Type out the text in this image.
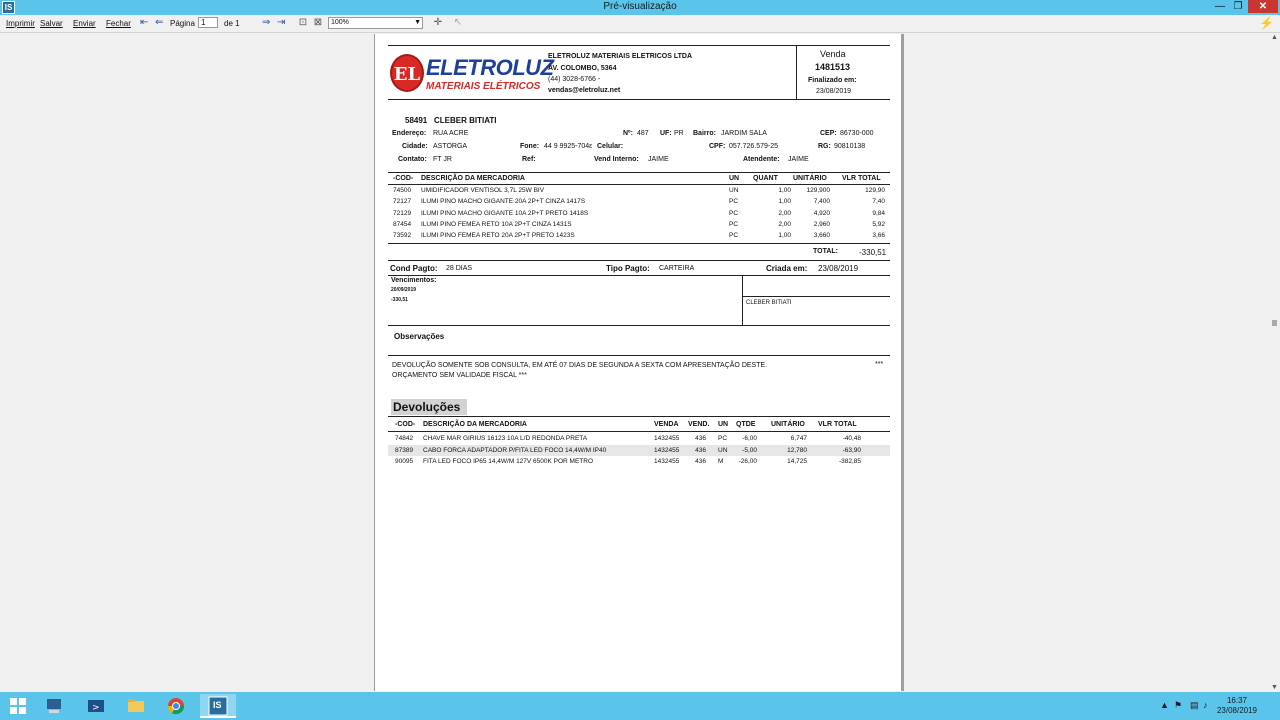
IS	Pré-visualização	— ❐	✕
Imprimir Salvar Enviar Fechar ⇤ ⇐ Página 1	de 1 ⇒ ⇥ ⊡ ⊠	100%	▼ ✛ ↖	⚡
EL ELETROLUZ
MATERIAIS ELÉTRICOS
ELETROLUZ MATERIAIS ELETRICOS LTDA
AV. COLOMBO, 5364
(44) 3028-6766 -
vendas@eletroluz.net
Venda
1481513
Finalizado em:
23/08/2019
58491 CLEBER BITIATI
Endereço: RUA ACRE	Nº: 487 UF: PR Bairro: JARDIM SALA	CEP: 86730-000
Cidade: ASTORGA	Fone: 44 9 9925-704ε Celular:	CPF: 057.726.579-25	RG: 90810138
Contato: FT JR	Ref:	Vend Interno: JAIME	Atendente: JAIME
-COD- DESCRIÇÃO DA MERCADORIA	UN QUANT UNITÁRIO VLR TOTAL
TOTAL:	-330,51
Cond Pagto: 28 DIAS	Tipo Pagto: CARTEIRA	Criada em: 23/08/2019
Vencimentos:
20/09/2019
-330,51	CLEBER BITIATI
Observações
DEVOLUÇÃO SOMENTE SOB CONSULTA, EM ATÉ 07 DIAS DE SEGUNDA A SEXTA COM APRESENTAÇÃO DESTE.	***
ORÇAMENTO SEM VALIDADE FISCAL ***
74500 UMIDIFICADOR VENTISOL 3,7L 25W BIV	UN	1,00	129,900	129,90
72127 ILUMI PINO MACHO GIGANTE 20A 2P+T CINZA 1417S	PC	1,00	7,400	7,40
72129 ILUMI PINO MACHO GIGANTE 10A 2P+T PRETO 1418S	PC	2,00	4,920	9,84
87454 ILUMI PINO FEMEA RETO 10A 2P+T CINZA 1431S	PC	2,00	2,960	5,92
73592 ILUMI PINO FEMEA RETO 20A 2P+T PRETO 1423S	PC	1,00	3,660	3,66
Devoluções
-COD- DESCRIÇÃO DA MERCADORIA	VENDA VEND. UN QTDE UNITÁRIO VLR TOTAL
74842 CHAVE MAR GIRIUS 16123 10A L/D REDONDA PRETA	1432455	436 PC	-6,00	6,747	-40,48
87389 CABO FORCA ADAPTADOR P/FITA LED FOCO 14,4W/M IP40	1432455	436 UN	-5,00	12,780	-63,90
90095 FITA LED FOCO IP65 14,4W/M 127V 6500K POR METRO	1432455	436 M	-26,00	14,725	-382,85
▲
▼
>	IS	▲ ⚑ ▤ ♪	16:37
23/08/2019
